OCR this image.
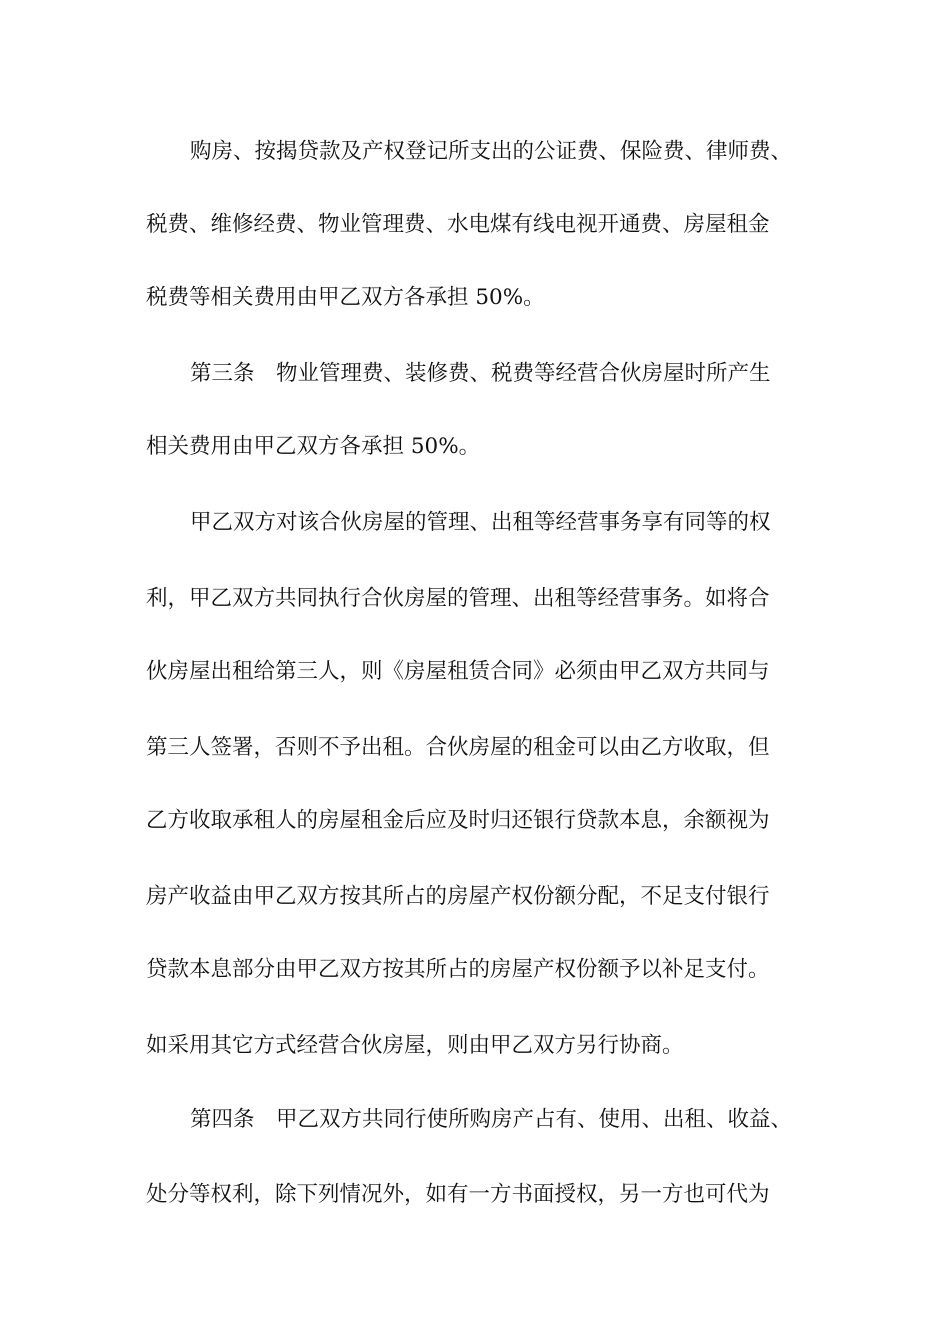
购房、按揭贷款及产权登记所支出的公证费、保险费、律师费、
税费、维修经费、物业管理费、水电煤有线电视开通费、房屋租金
税费等相关费用由甲乙双方各承担 50%。
第三条　物业管理费、装修费、税费等经营合伙房屋时所产生
相关费用由甲乙双方各承担 50%。
甲乙双方对该合伙房屋的管理、出租等经营事务享有同等的权
利，甲乙双方共同执行合伙房屋的管理、出租等经营事务。如将合
伙房屋出租给第三人，则《房屋租赁合同》必须由甲乙双方共同与
第三人签署，否则不予出租。合伙房屋的租金可以由乙方收取，但
乙方收取承租人的房屋租金后应及时归还银行贷款本息，余额视为
房产收益由甲乙双方按其所占的房屋产权份额分配，不足支付银行
贷款本息部分由甲乙双方按其所占的房屋产权份额予以补足支付。
如采用其它方式经营合伙房屋，则由甲乙双方另行协商。
第四条　甲乙双方共同行使所购房产占有、使用、出租、收益、
处分等权利，除下列情况外，如有一方书面授权，另一方也可代为
